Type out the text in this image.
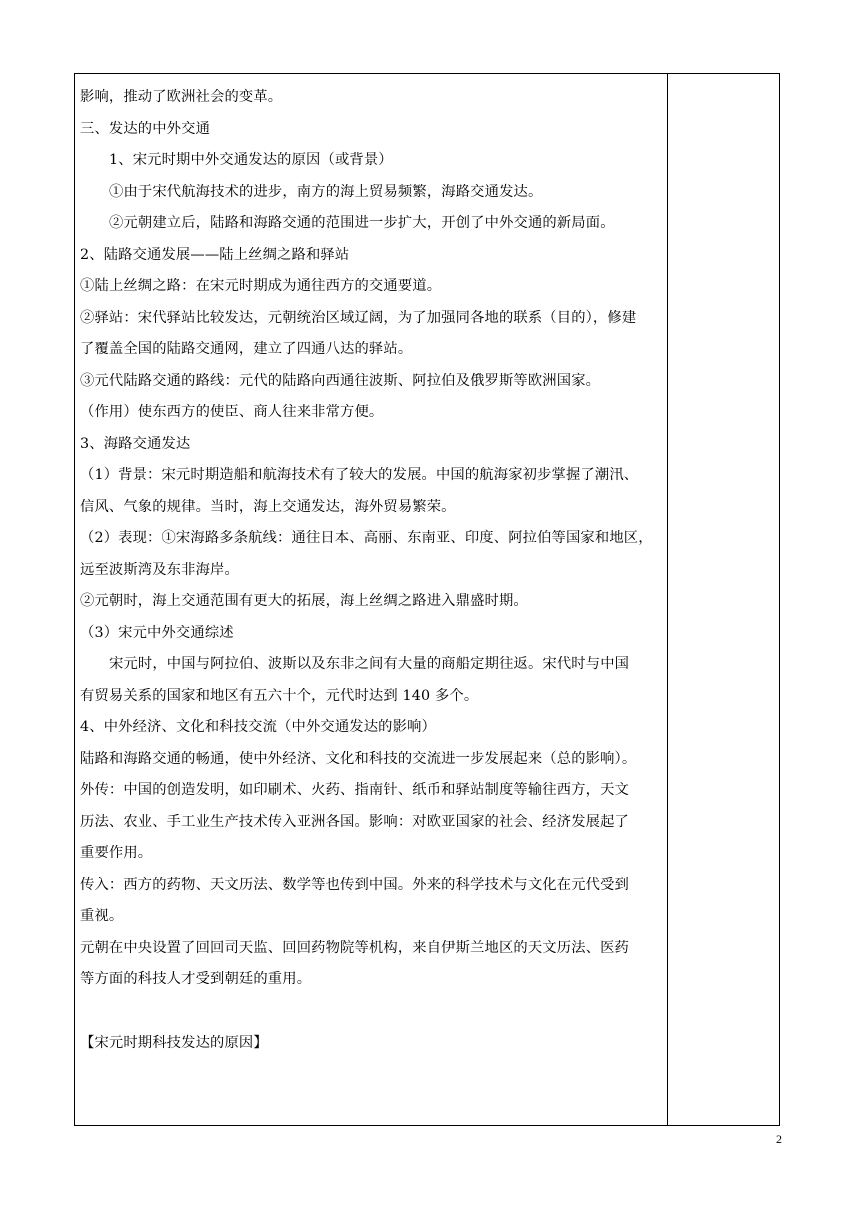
影响，推动了欧洲社会的变革。
三、发达的中外交通
1、宋元时期中外交通发达的原因（或背景）
①由于宋代航海技术的进步，南方的海上贸易频繁，海路交通发达。
②元朝建立后，陆路和海路交通的范围进一步扩大，开创了中外交通的新局面。
2、陆路交通发展——陆上丝绸之路和驿站
①陆上丝绸之路：在宋元时期成为通往西方的交通要道。
②驿站：宋代驿站比较发达，元朝统治区域辽阔，为了加强同各地的联系（目的），修建
了覆盖全国的陆路交通网，建立了四通八达的驿站。
③元代陆路交通的路线：元代的陆路向西通往波斯、阿拉伯及俄罗斯等欧洲国家。
（作用）使东西方的使臣、商人往来非常方便。
3、海路交通发达
（1）背景：宋元时期造船和航海技术有了较大的发展。中国的航海家初步掌握了潮汛、
信风、气象的规律。当时，海上交通发达，海外贸易繁荣。
（2）表现：①宋海路多条航线：通往日本、高丽、东南亚、印度、阿拉伯等国家和地区，
远至波斯湾及东非海岸。
②元朝时，海上交通范围有更大的拓展，海上丝绸之路进入鼎盛时期。
（3）宋元中外交通综述
宋元时，中国与阿拉伯、波斯以及东非之间有大量的商船定期往返。宋代时与中国
有贸易关系的国家和地区有五六十个，元代时达到 140 多个。
4、中外经济、文化和科技交流（中外交通发达的影响）
陆路和海路交通的畅通，使中外经济、文化和科技的交流进一步发展起来（总的影响）。
外传：中国的创造发明，如印刷术、火药、指南针、纸币和驿站制度等输往西方，天文
历法、农业、手工业生产技术传入亚洲各国。影响：对欧亚国家的社会、经济发展起了
重要作用。
传入：西方的药物、天文历法、数学等也传到中国。外来的科学技术与文化在元代受到
重视。
元朝在中央设置了回回司天监、回回药物院等机构，来自伊斯兰地区的天文历法、医药
等方面的科技人才受到朝廷的重用。
【宋元时期科技发达的原因】
2
